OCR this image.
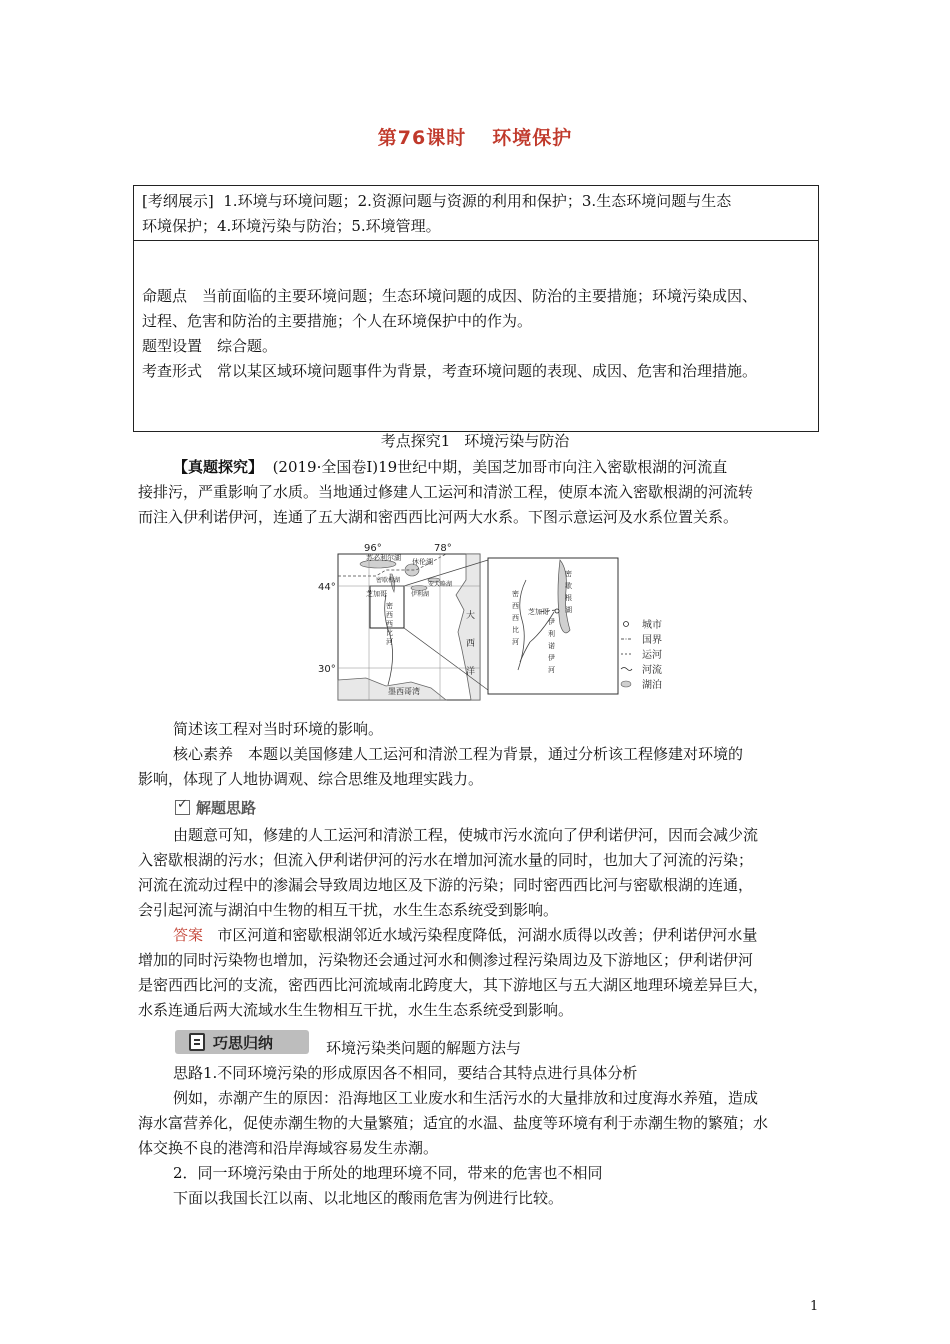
第76课时 环境保护
[考纲展示] 1.环境与环境问题；2.资源问题与资源的利用和保护；3.生态环境问题与生态
环境保护；4.环境污染与防治；5.环境管理。
命题点　当前面临的主要环境问题；生态环境问题的成因、防治的主要措施；环境污染成因、
过程、危害和防治的主要措施；个人在环境保护中的作为。
题型设置　综合题。
考查形式　常以某区域环境问题事件为背景，考查环境问题的表现、成因、危害和治理措施。
考点探究1 环境污染与防治
【真题探究】 (2019·全国卷Ⅰ)19世纪中期，美国芝加哥市向注入密歇根湖的河流直
接排污，严重影响了水质。当地通过修建人工运河和清淤工程，使原本流入密歇根湖的河流转
而注入伊利诺伊河，连通了五大湖和密西西比河两大水系。下图示意运河及水系位置关系。
96°	78°
44°
30°
苏必利尔湖 休伦湖
密歇根湖
芝加哥	伊利湖
安大略湖
墨西哥湾
密
西
西
比
河
大
西
洋
芝加哥
密
歇
根
湖
密
西
西
比
河
伊
利
诺
伊
河
城市
国界
运河
河流
湖泊
简述该工程对当时环境的影响。
核心素养　本题以美国修建人工运河和清淤工程为背景，通过分析该工程修建对环境的
影响，体现了人地协调观、综合思维及地理实践力。
✓解题思路
由题意可知，修建的人工运河和清淤工程，使城市污水流向了伊利诺伊河，因而会减少流
入密歇根湖的污水；但流入伊利诺伊河的污水在增加河流水量的同时，也加大了河流的污染；
河流在流动过程中的渗漏会导致周边地区及下游的污染；同时密西西比河与密歇根湖的连通，
会引起河流与湖泊中生物的相互干扰，水生生态系统受到影响。
答案 市区河道和密歇根湖邻近水域污染程度降低，河湖水质得以改善；伊利诺伊河水量
增加的同时污染物也增加，污染物还会通过河水和侧渗过程污染周边及下游地区；伊利诺伊河
是密西西比河的支流，密西西比河流域南北跨度大，其下游地区与五大湖区地理环境差异巨大，
水系连通后两大流域水生生物相互干扰，水生生态系统受到影响。
巧思归纳	环境污染类问题的解题方法与
思路1.不同环境污染的形成原因各不相同，要结合其特点进行具体分析
例如，赤潮产生的原因：沿海地区工业废水和生活污水的大量排放和过度海水养殖，造成
海水富营养化，促使赤潮生物的大量繁殖；适宜的水温、盐度等环境有利于赤潮生物的繁殖；水
体交换不良的港湾和沿岸海域容易发生赤潮。
2．同一环境污染由于所处的地理环境不同，带来的危害也不相同
下面以我国长江以南、以北地区的酸雨危害为例进行比较。
1
